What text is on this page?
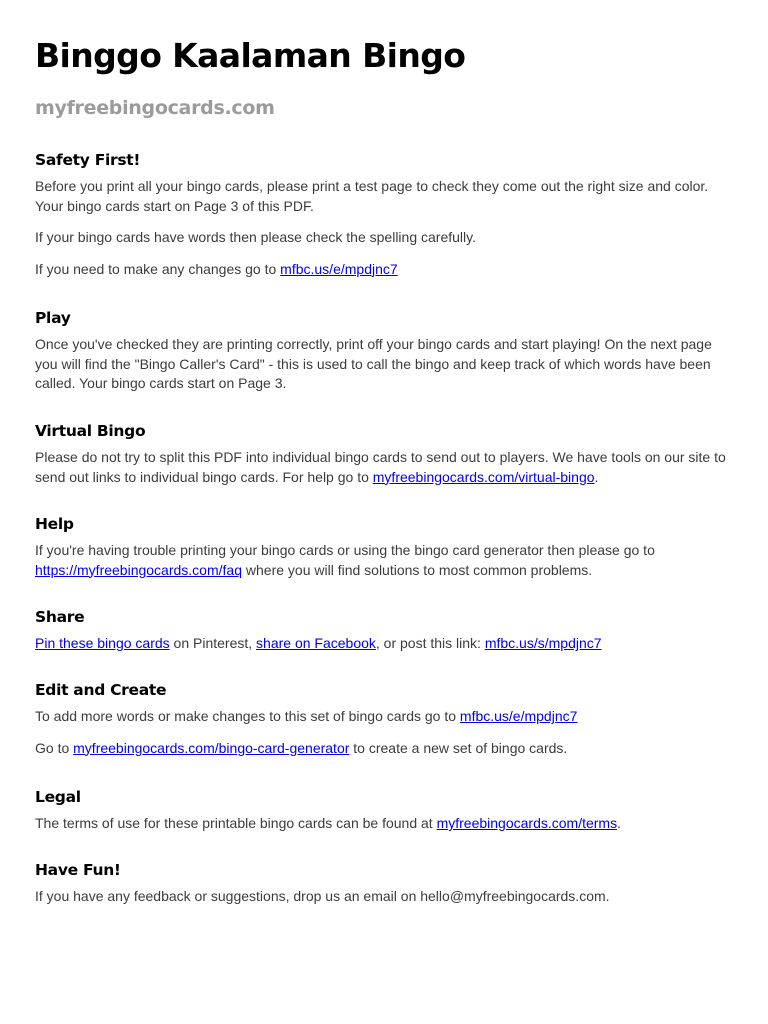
Binggo Kaalaman Bingo
myfreebingocards.com
Safety First!

Before you print all your bingo cards, please print a test page to check they come out the right size and color. Your bingo cards start on Page 3 of this PDF.

If your bingo cards have words then please check the spelling carefully.

If you need to make any changes go to mfbc.us/e/mpdjnc7

Play

Once you've checked they are printing correctly, print off your bingo cards and start playing! On the next page you will find the "Bingo Caller's Card" - this is used to call the bingo and keep track of which words have been called. Your bingo cards start on Page 3.

Virtual Bingo

Please do not try to split this PDF into individual bingo cards to send out to players. We have tools on our site to send out links to individual bingo cards. For help go to myfreebingocards.com/virtual-bingo.

Help

If you're having trouble printing your bingo cards or using the bingo card generator then please go to https://myfreebingocards.com/faq where you will find solutions to most common problems.

Share

Pin these bingo cards on Pinterest, share on Facebook, or post this link: mfbc.us/s/mpdjnc7

Edit and Create

To add more words or make changes to this set of bingo cards go to mfbc.us/e/mpdjnc7

Go to myfreebingocards.com/bingo-card-generator to create a new set of bingo cards.

Legal

The terms of use for these printable bingo cards can be found at myfreebingocards.com/terms.

Have Fun!

If you have any feedback or suggestions, drop us an email on hello@myfreebingocards.com.
